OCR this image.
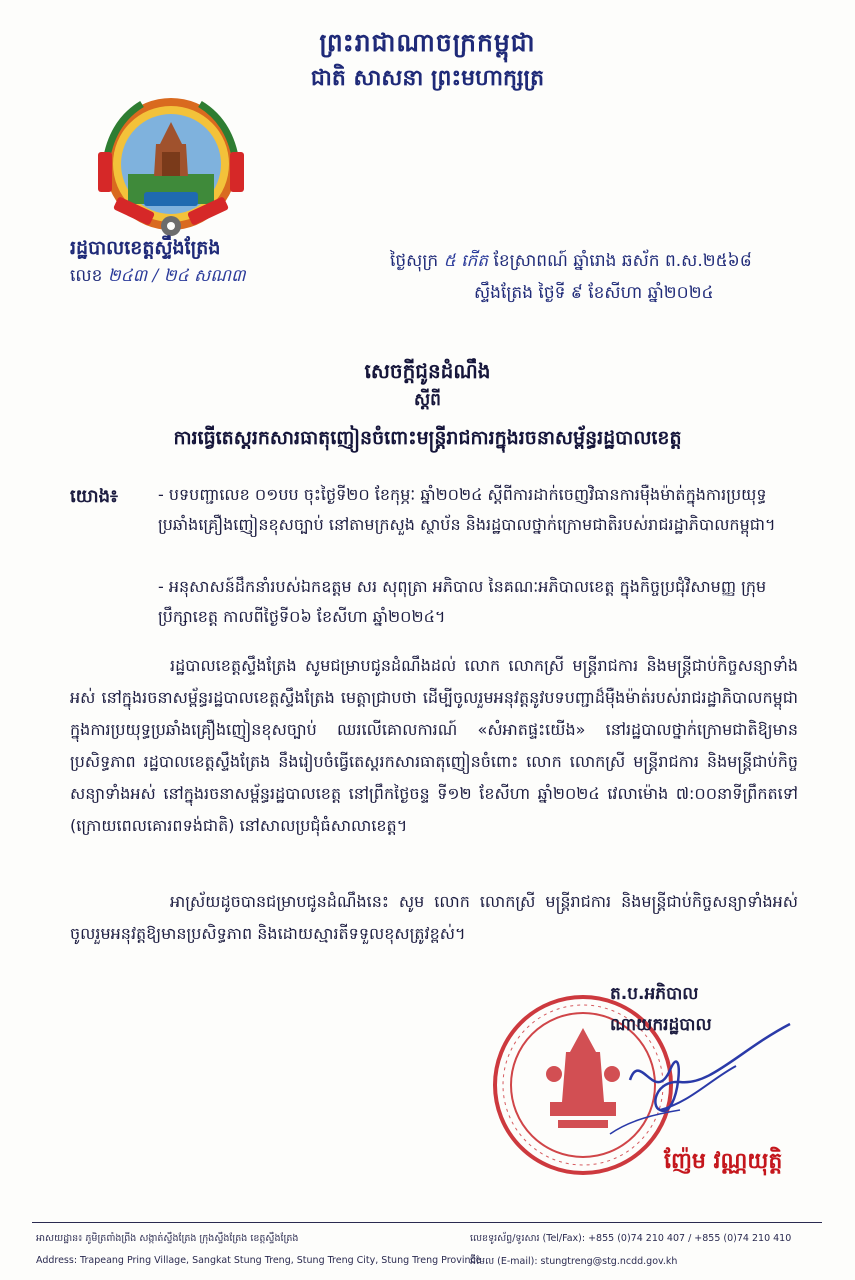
ព្រះរាជាណាចក្រកម្ពុជា
ជាតិ សាសនា ព្រះមហាក្សត្រ
រដ្ឋបាលខេត្តស្ទឹងត្រែង
លេខ ២៤៣ / ២៤ សណ៣
ថ្ងៃសុក្រ ៥ កើត ខែស្រាពណ៍ ឆ្នាំរោង ឆស័ក ព.ស.២៥៦៨
ស្ទឹងត្រែង ថ្ងៃទី ៩ ខែសីហា ឆ្នាំ២០២៤
សេចក្តីជូនដំណឹង
ស្តីពី
ការធ្វើតេស្តរកសារធាតុញៀនចំពោះមន្ត្រីរាជការក្នុងរចនាសម្ព័ន្ធរដ្ឋបាលខេត្ត
យោង៖	- បទបញ្ជាលេខ ០១បប ចុះថ្ងៃទី២០ ខែកុម្ភៈ ឆ្នាំ២០២៤ ស្តីពីការដាក់ចេញវិធានការម៉ឺងម៉ាត់ក្នុងការប្រយុទ្ធប្រឆាំងគ្រឿងញៀនខុសច្បាប់ នៅតាមក្រសួង ស្ថាប័ន និងរដ្ឋបាលថ្នាក់ក្រោមជាតិរបស់រាជរដ្ឋាភិបាលកម្ពុជា។
- អនុសាសន៍ដឹកនាំរបស់ឯកឧត្តម សរ សុពុត្រា អភិបាល នៃគណៈអភិបាលខេត្ត ក្នុងកិច្ចប្រជុំវិសាមញ្ញ ក្រុមប្រឹក្សាខេត្ត កាលពីថ្ងៃទី០៦ ខែសីហា ឆ្នាំ២០២៤។
រដ្ឋបាលខេត្តស្ទឹងត្រែង សូមជម្រាបជូនដំណឹងដល់ លោក លោកស្រី មន្ត្រីរាជការ និងមន្ត្រីជាប់កិច្ចសន្យាទាំងអស់ នៅក្នុងរចនាសម្ព័ន្ធរដ្ឋបាលខេត្តស្ទឹងត្រែង មេត្តាជ្រាបថា ដើម្បីចូលរួមអនុវត្តនូវបទបញ្ជាដ៏ម៉ឺងម៉ាត់របស់រាជរដ្ឋាភិបាលកម្ពុជា ក្នុងការប្រយុទ្ធប្រឆាំងគ្រឿងញៀនខុសច្បាប់ ឈរលើគោលការណ៍ «សំអាតផ្ទះយើង» នៅរដ្ឋបាលថ្នាក់ក្រោមជាតិឱ្យមានប្រសិទ្ធភាព រដ្ឋបាលខេត្តស្ទឹងត្រែង នឹងរៀបចំធ្វើតេស្តរកសារធាតុញៀនចំពោះ លោក លោកស្រី មន្ត្រីរាជការ និងមន្ត្រីជាប់កិច្ចសន្យាទាំងអស់ នៅក្នុងរចនាសម្ព័ន្ធរដ្ឋបាលខេត្ត នៅព្រឹកថ្ងៃចន្ទ ទី១២ ខែសីហា ឆ្នាំ២០២៤ វេលាម៉ោង ៧:០០នាទីព្រឹកតទៅ (ក្រោយពេលគោរពទង់ជាតិ) នៅសាលប្រជុំធំសាលាខេត្ត។
អាស្រ័យដូចបានជម្រាបជូនដំណឹងនេះ សូម លោក លោកស្រី មន្ត្រីរាជការ និងមន្ត្រីជាប់កិច្ចសន្យាទាំងអស់ ចូលរួមអនុវត្តឱ្យមានប្រសិទ្ធភាព និងដោយស្មារតីទទួលខុសត្រូវខ្ពស់។
ត.ប.អភិបាល
ណាយករដ្ឋបាល
ញ៉ែម វណ្ណយុត្តិ
អាសយដ្ឋាន៖ ភូមិត្រពាំងព្រីង សង្កាត់ស្ទឹងត្រែង ក្រុងស្ទឹងត្រែង ខេត្តស្ទឹងត្រែង
Address: Trapeang Pring Village, Sangkat Stung Treng, Stung Treng City, Stung Treng Province
លេខទូរស័ព្ទ/ទូរសារ (Tel/Fax): +855 (0)74 210 407 / +855 (0)74 210 410
អ៊ីមែល (E-mail): stungtreng@stg.ncdd.gov.kh
